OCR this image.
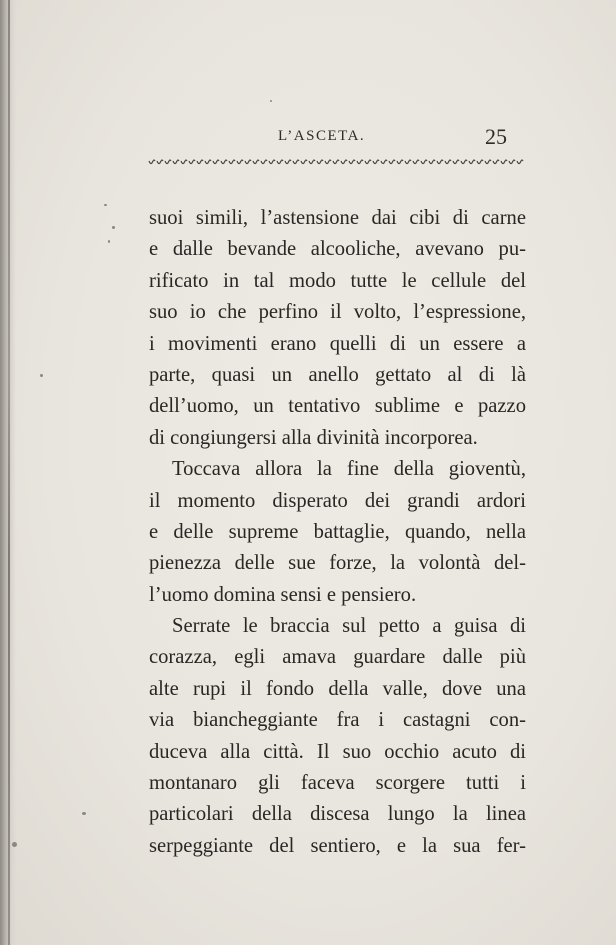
L’ASCETA.	25
suoi simili, l’astensione dai cibi di carne
e dalle bevande alcooliche, avevano pu-
rificato in tal modo tutte le cellule del
suo io che perfino il volto, l’espressione,
i movimenti erano quelli di un essere a
parte, quasi un anello gettato al di là
dell’uomo, un tentativo sublime e pazzo
di congiungersi alla divinità incorporea.
Toccava allora la fine della gioventù,
il momento disperato dei grandi ardori
e delle supreme battaglie, quando, nella
pienezza delle sue forze, la volontà del-
l’uomo domina sensi e pensiero.
Serrate le braccia sul petto a guisa di
corazza, egli amava guardare dalle più
alte rupi il fondo della valle, dove una
via biancheggiante fra i castagni con-
duceva alla città. Il suo occhio acuto di
montanaro gli faceva scorgere tutti i
particolari della discesa lungo la linea
serpeggiante del sentiero, e la sua fer-
